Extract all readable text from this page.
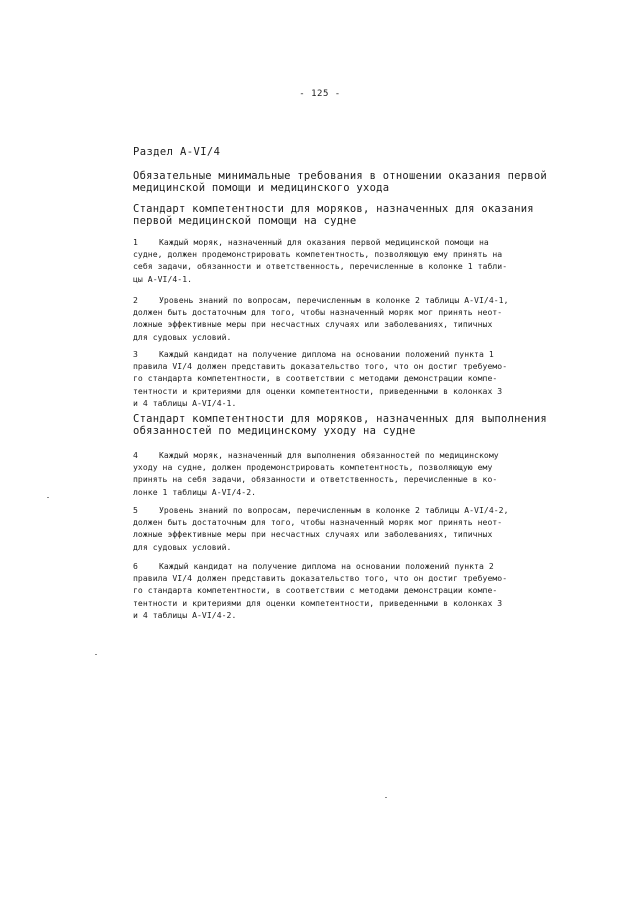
- 125 -
Раздел A-VI/4
Обязательные минимальные требования в отношении оказания первой
медицинской помощи и медицинского ухода
Стандарт компетентности для моряков, назначенных для оказания
первой медицинской помощи на судне
1	Каждый моряк, назначенный для оказания первой медицинской помощи на
судне, должен продемонстрировать компетентность, позволяющую ему принять на
себя задачи, обязанности и ответственность, перечисленные в колонке 1 табли-
цы A-VI/4-1.
2	Уровень знаний по вопросам, перечисленным в колонке 2 таблицы A-VI/4-1,
должен быть достаточным для того, чтобы назначенный моряк мог принять неот-
ложные эффективные меры при несчастных случаях или заболеваниях, типичных
для судовых условий.
3	Каждый кандидат на получение диплома на основании положений пункта 1
правила VI/4 должен представить доказательство того, что он достиг требуемо-
го стандарта компетентности, в соответствии с методами демонстрации компе-
тентности и критериями для оценки компетентности, приведенными в колонках 3
и 4 таблицы A-VI/4-1.
Стандарт компетентности для моряков, назначенных для выполнения
обязанностей по медицинскому уходу на судне
4	Каждый моряк, назначенный для выполнения обязанностей по медицинскому
уходу на судне, должен продемонстрировать компетентность, позволяющую ему
принять на себя задачи, обязанности и ответственность, перечисленные в ко-
лонке 1 таблицы A-VI/4-2.
5	Уровень знаний по вопросам, перечисленным в колонке 2 таблицы A-VI/4-2,
должен быть достаточным для того, чтобы назначенный моряк мог принять неот-
ложные эффективные меры при несчастных случаях или заболеваниях, типичных
для судовых условий.
6	Каждый кандидат на получение диплома на основании положений пункта 2
правила VI/4 должен представить доказательство того, что он достиг требуемо-
го стандарта компетентности, в соответствии с методами демонстрации компе-
тентности и критериями для оценки компетентности, приведенными в колонках 3
и 4 таблицы A-VI/4-2.
